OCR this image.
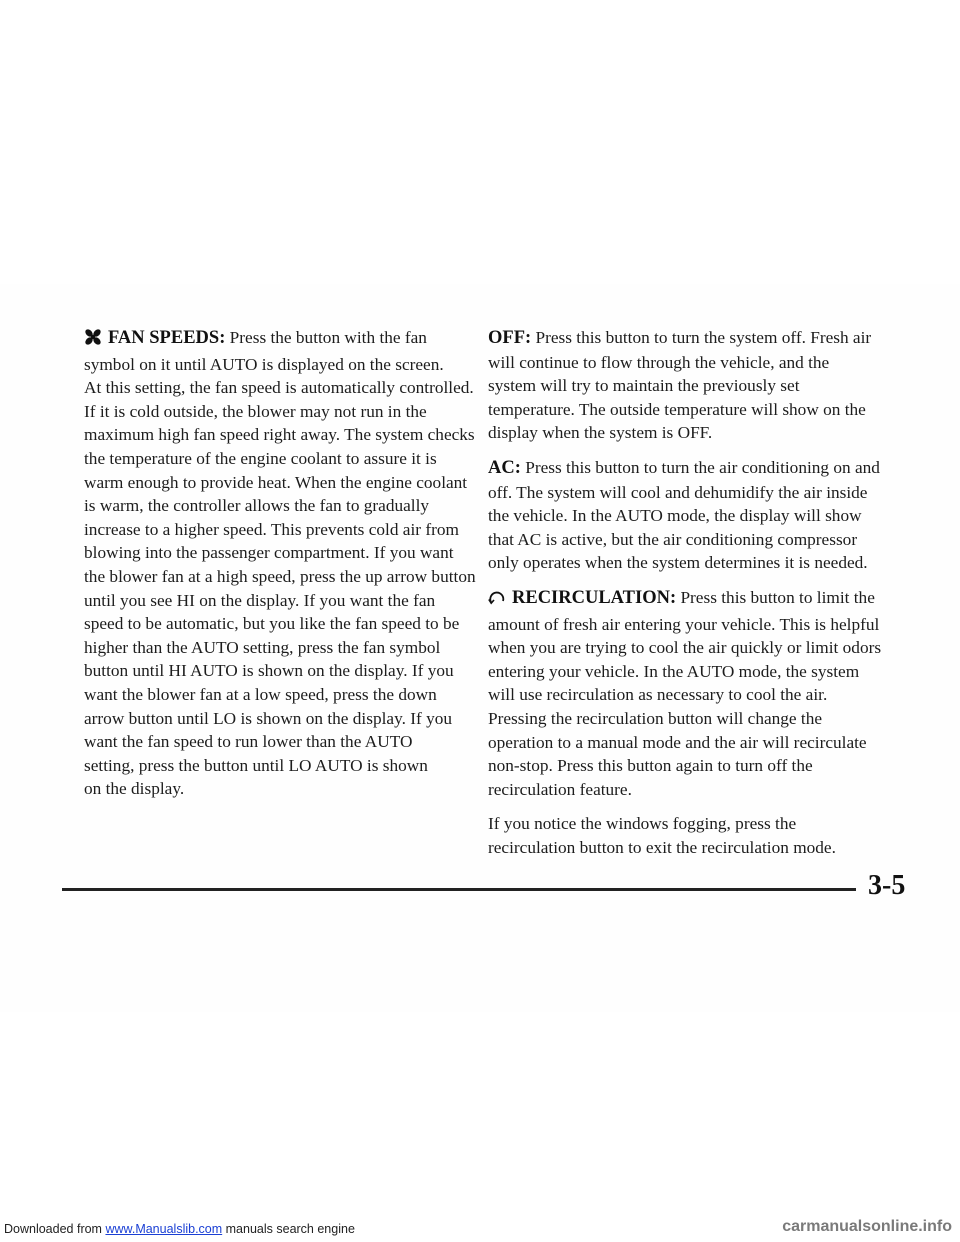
FAN SPEEDS: Press the button with the fan
symbol on it until AUTO is displayed on the screen.
At this setting, the fan speed is automatically controlled.
If it is cold outside, the blower may not run in the
maximum high fan speed right away. The system checks
the temperature of the engine coolant to assure it is
warm enough to provide heat. When the engine coolant
is warm, the controller allows the fan to gradually
increase to a higher speed. This prevents cold air from
blowing into the passenger compartment. If you want
the blower fan at a high speed, press the up arrow button
until you see HI on the display. If you want the fan
speed to be automatic, but you like the fan speed to be
higher than the AUTO setting, press the fan symbol
button until HI AUTO is shown on the display. If you
want the blower fan at a low speed, press the down
arrow button until LO is shown on the display. If you
want the fan speed to run lower than the AUTO
setting, press the button until LO AUTO is shown
on the display.

OFF: Press this button to turn the system off. Fresh air
will continue to flow through the vehicle, and the
system will try to maintain the previously set
temperature. The outside temperature will show on the
display when the system is OFF.

AC: Press this button to turn the air conditioning on and
off. The system will cool and dehumidify the air inside
the vehicle. In the AUTO mode, the display will show
that AC is active, but the air conditioning compressor
only operates when the system determines it is needed.

RECIRCULATION: Press this button to limit the
amount of fresh air entering your vehicle. This is helpful
when you are trying to cool the air quickly or limit odors
entering your vehicle. In the AUTO mode, the system
will use recirculation as necessary to cool the air.
Pressing the recirculation button will change the
operation to a manual mode and the air will recirculate
non-stop. Press this button again to turn off the
recirculation feature.

If you notice the windows fogging, press the
recirculation button to exit the recirculation mode.

3-5
Downloaded from www.Manualslib.com manuals search engine	carmanualsonline.info
